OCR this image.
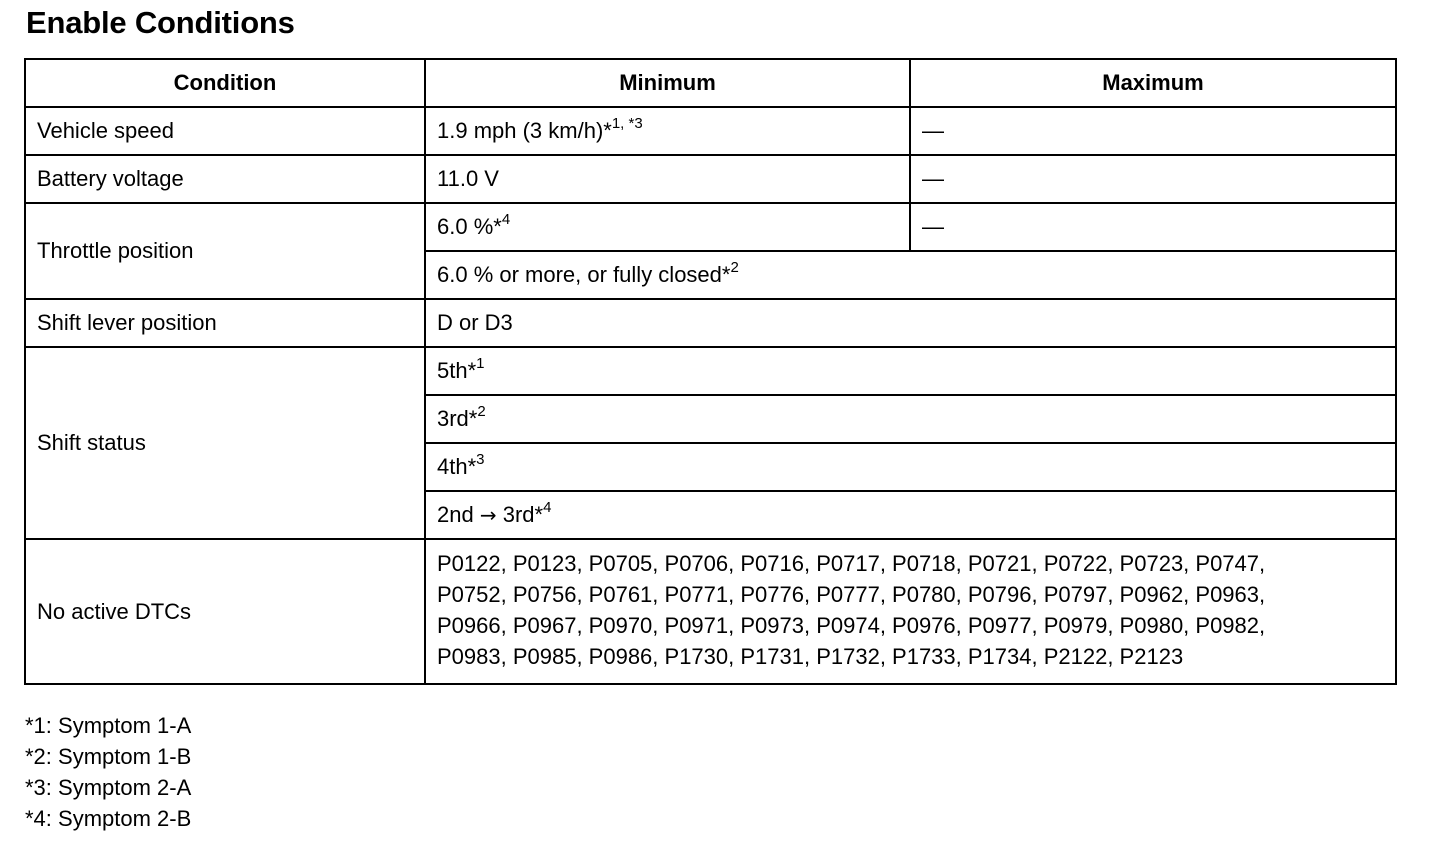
Enable Conditions
Condition	Minimum	Maximum
Vehicle speed	1.9 mph (3 km/h)*$^{1, *3}$	—
Battery voltage	11.0 V	—
Throttle position	6.0 %*$^4$	—
	6.0 % or more, or fully closed*$^2$
Shift lever position	D or D3	
Shift status	5th*$^1$
	3rd*$^2$
	4th*$^3$
	2nd → 3rd*$^4$
No active DTCs	P0122, P0123, P0705, P0706, P0716, P0717, P0718, P0721, P0722, P0723, P0747,
P0752, P0756, P0761, P0771, P0776, P0777, P0780, P0796, P0797, P0962, P0963,
P0966, P0967, P0970, P0971, P0973, P0974, P0976, P0977, P0979, P0980, P0982,
P0983, P0985, P0986, P1730, P1731, P1732, P1733, P1734, P2122, P2123	
*1: Symptom 1-A
*2: Symptom 1-B
*3: Symptom 2-A
*4: Symptom 2-B
